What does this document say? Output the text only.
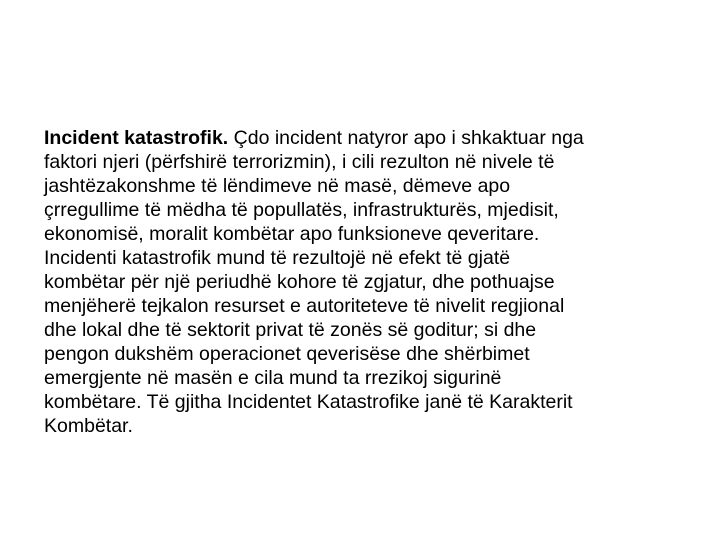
Incident katastrofik. Çdo incident natyror apo i shkaktuar nga
faktori njeri (përfshirë terrorizmin), i cili rezulton në nivele të
jashtëzakonshme të lëndimeve në masë, dëmeve apo
çrregullime të mëdha të popullatës, infrastrukturës, mjedisit,
ekonomisë, moralit kombëtar apo funksioneve qeveritare.
Incidenti katastrofik mund të rezultojë në efekt të gjatë
kombëtar për një periudhë kohore të zgjatur, dhe pothuajse
menjëherë tejkalon resurset e autoriteteve të nivelit regjional
dhe lokal dhe të sektorit privat të zonës së goditur; si dhe
pengon dukshëm operacionet qeverisëse dhe shërbimet
emergjente në masën e cila mund ta rrezikoj sigurinë
kombëtare. Të gjitha Incidentet Katastrofike janë të Karakterit
Kombëtar.
